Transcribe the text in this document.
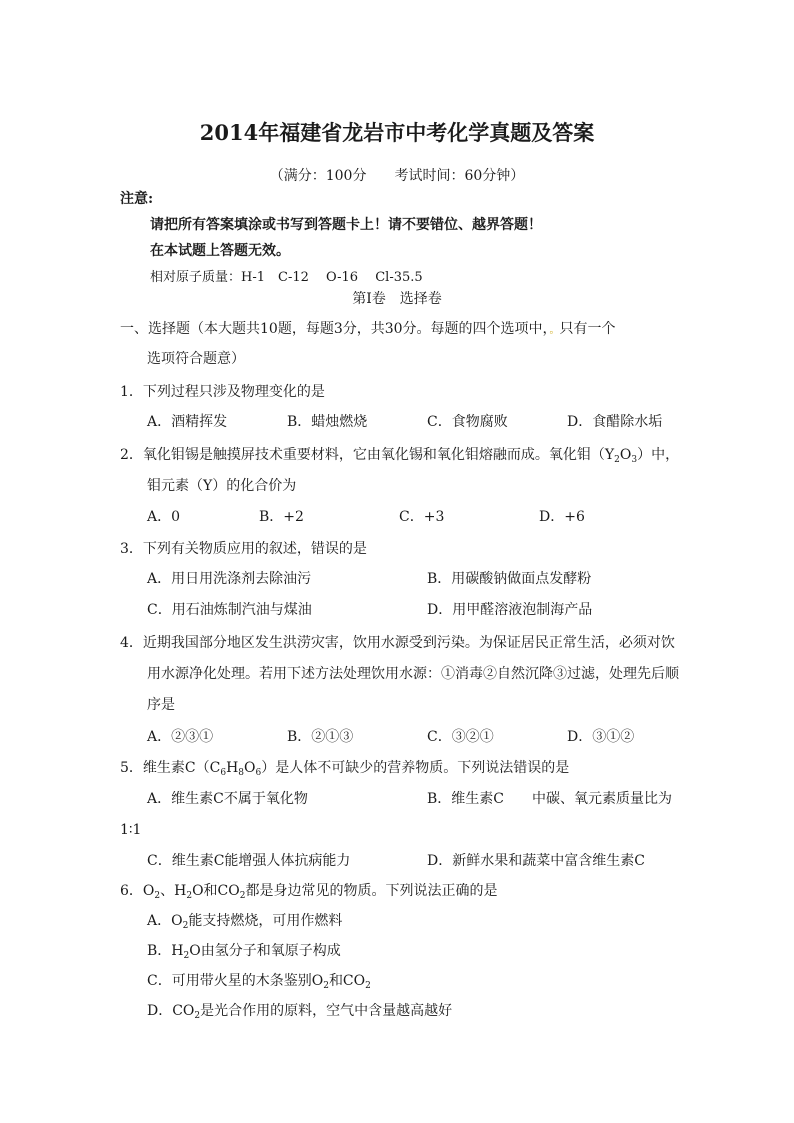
2014年福建省龙岩市中考化学真题及答案
（满分：100分　　考试时间：60分钟）
注意:
请把所有答案填涂或书写到答题卡上！请不要错位、越界答题！
在本试题上答题无效。
相对原子质量：H-1　C-12　 O-16　 Cl-35.5
第Ⅰ卷　选择卷
一、选择题（本大题共10题，每题3分，共30分。每题的四个选项中，。只有一个
选项符合题意）
1．下列过程只涉及物理变化的是
A．酒精挥发	B．蜡烛燃烧	C．食物腐败	D．食醋除水垢
2．氧化钼锡是触摸屏技术重要材料，它由氧化锡和氧化钼熔融而成。氧化钼$(Y_2O_3)$中，
钼元素（Y）的化合价为
A．0	B．+2	C．+3	D．+6
3．下列有关物质应用的叙述，错误的是
A．用日用洗涤剂去除油污	B．用碳酸钠做面点发酵粉
C．用石油炼制汽油与煤油	D．用甲醛溶液泡制海产品
4．近期我国部分地区发生洪涝灾害，饮用水源受到污染。为保证居民正常生活，必须对饮
用水源净化处理。若用下述方法处理饮用水源：①消毒②自然沉降③过滤，处理先后顺
序是
A．②③①	B．②①③	C．③②①	D．③①②
5．维生素$C(C_6H_8O_6)$是人体不可缺少的营养物质。下列说法错误的是
A．维生素C不属于氧化物	B．维生素C　　中碳、氧元素质量比为
1∶1
C．维生素C能增强人体抗病能力	D．新鲜水果和蔬菜中富含维生素C
6．$O_2$、$H_2O$和$CO_2$都是身边常见的物质。下列说法正确的是
A．$O_2$能支持燃烧，可用作燃料
B．$H_2O$由氢分子和氧原子构成
C．可用带火星的木条鉴别$O_2$和$CO_2$
D．$CO_2$是光合作用的原料，空气中含量越高越好
